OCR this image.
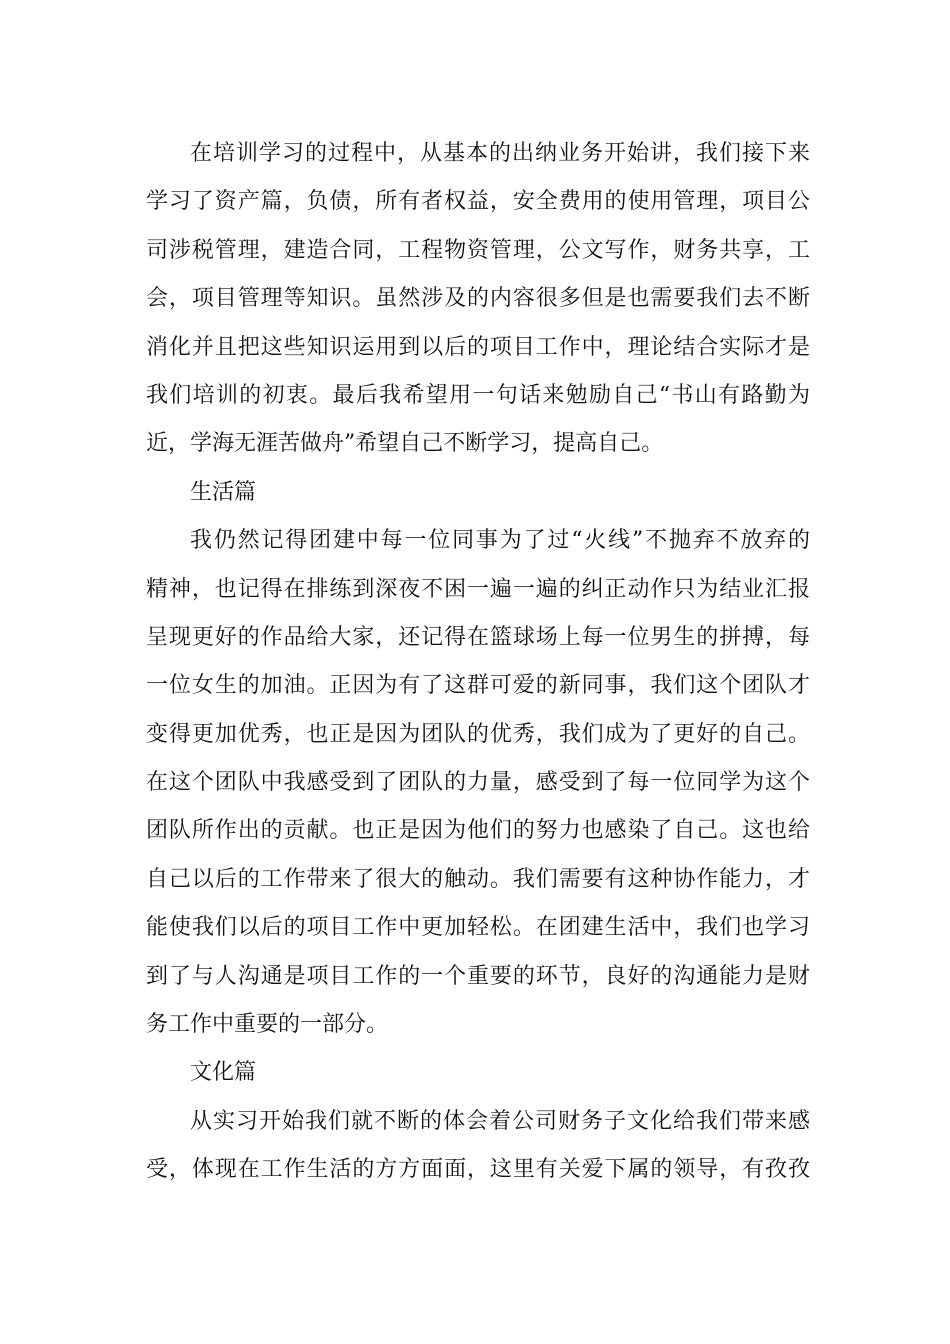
在培训学习的过程中，从基本的出纳业务开始讲，我们接下来
学习了资产篇，负债，所有者权益，安全费用的使用管理，项目公
司涉税管理，建造合同，工程物资管理，公文写作，财务共享，工
会，项目管理等知识。虽然涉及的内容很多但是也需要我们去不断
消化并且把这些知识运用到以后的项目工作中，理论结合实际才是
我们培训的初衷。最后我希望用一句话来勉励自己“书山有路勤为
近，学海无涯苦做舟”希望自己不断学习，提高自己。
生活篇
我仍然记得团建中每一位同事为了过“火线”不抛弃不放弃的
精神，也记得在排练到深夜不困一遍一遍的纠正动作只为结业汇报
呈现更好的作品给大家，还记得在篮球场上每一位男生的拼搏，每
一位女生的加油。正因为有了这群可爱的新同事，我们这个团队才
变得更加优秀，也正是因为团队的优秀，我们成为了更好的自己。
在这个团队中我感受到了团队的力量，感受到了每一位同学为这个
团队所作出的贡献。也正是因为他们的努力也感染了自己。这也给
自己以后的工作带来了很大的触动。我们需要有这种协作能力，才
能使我们以后的项目工作中更加轻松。在团建生活中，我们也学习
到了与人沟通是项目工作的一个重要的环节，良好的沟通能力是财
务工作中重要的一部分。
文化篇
从实习开始我们就不断的体会着公司财务子文化给我们带来感
受，体现在工作生活的方方面面，这里有关爱下属的领导，有孜孜
